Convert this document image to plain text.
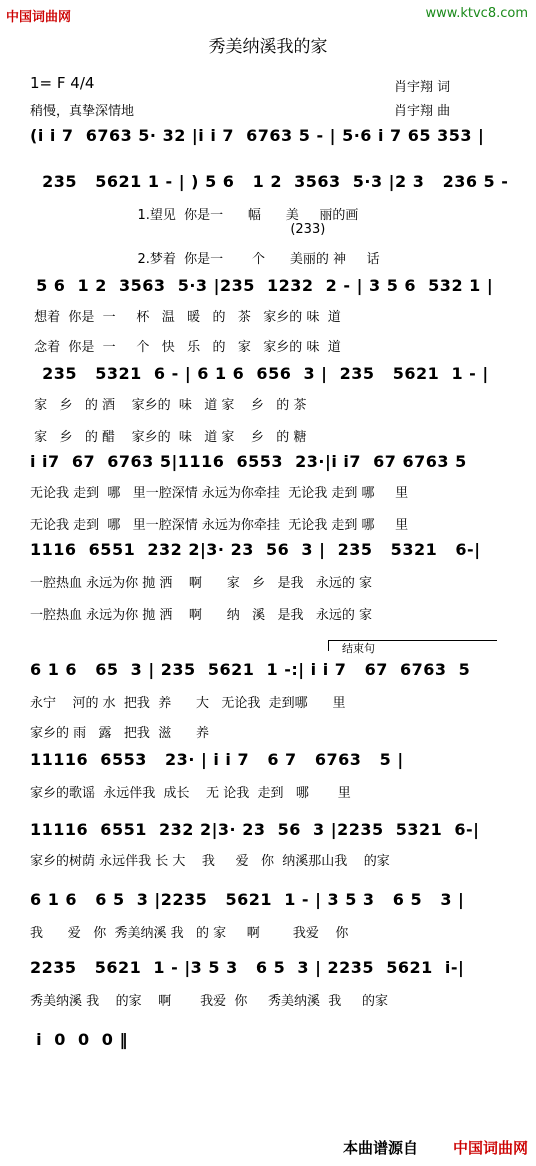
中国词曲网	www.ktvc8.com
秀美纳溪我的家
1= F 4/4
稍慢，真挚深情地
肖宇翔 词
肖宇翔 曲
(i i 7  6763 5· 32 |i i 7  6763 5 - | 5·6 i 7 65 353 |
235   5621 1 - | ) 5 6   1 2  3563  5·3 |2 3   236 5 -
1.望见  你是一      幅      美     丽的画
(233)
2.梦着  你是一       个      美丽的 神     话
5 6  1 2  3563  5·3 |235  1232  2 - | 3 5 6  532 1 |
想着  你是  一     杯   温   暖   的   茶   家乡的 味  道
念着  你是  一     个   快   乐   的   家   家乡的 味  道
235   5321  6 - | 6 1 6  656  3 |  235   5621  1 - |
家   乡   的 酒    家乡的  味   道 家    乡   的 茶
家   乡   的 醋    家乡的  味   道 家    乡   的 糖
i i7  67  6763 5|1116  6553  23·|i i7  67 6763 5
无论我 走到  哪   里一腔深情 永远为你牵挂  无论我 走到 哪     里
无论我 走到  哪   里一腔深情 永远为你牵挂  无论我 走到 哪     里
1116  6551  232 2|3· 23  56  3 |  235   5321   6-|
一腔热血 永远为你 抛 洒    啊      家   乡   是我   永远的 家
一腔热血 永远为你 抛 洒    啊      纳   溪   是我   永远的 家
6 1 6   65  3 | 235  5621  1 -:| i i 7   67  6763  5
永宁    河的 水  把我  养      大   无论我  走到哪      里
家乡的 雨   露   把我  滋      养
11116  6553   23· | i i 7   6 7   6763   5 |
家乡的歌谣  永远伴我  成长    无 论我  走到   哪       里
11116  6551  232 2|3· 23  56  3 |2235  5321  6-|
家乡的树荫 永远伴我 长 大    我     爱   你  纳溪那山我    的家
6 1 6   6 5  3 |2235   5621  1 - | 3 5 3   6 5   3 |
我      爱   你  秀美纳溪 我   的 家     啊        我爱    你
2235   5621  1 - |3 5 3   6 5  3 | 2235  5621  i-|
秀美纳溪 我    的家    啊       我爱  你     秀美纳溪  我     的家
i  0  0  0 ‖
结束句
本曲谱源自 中国词曲网
